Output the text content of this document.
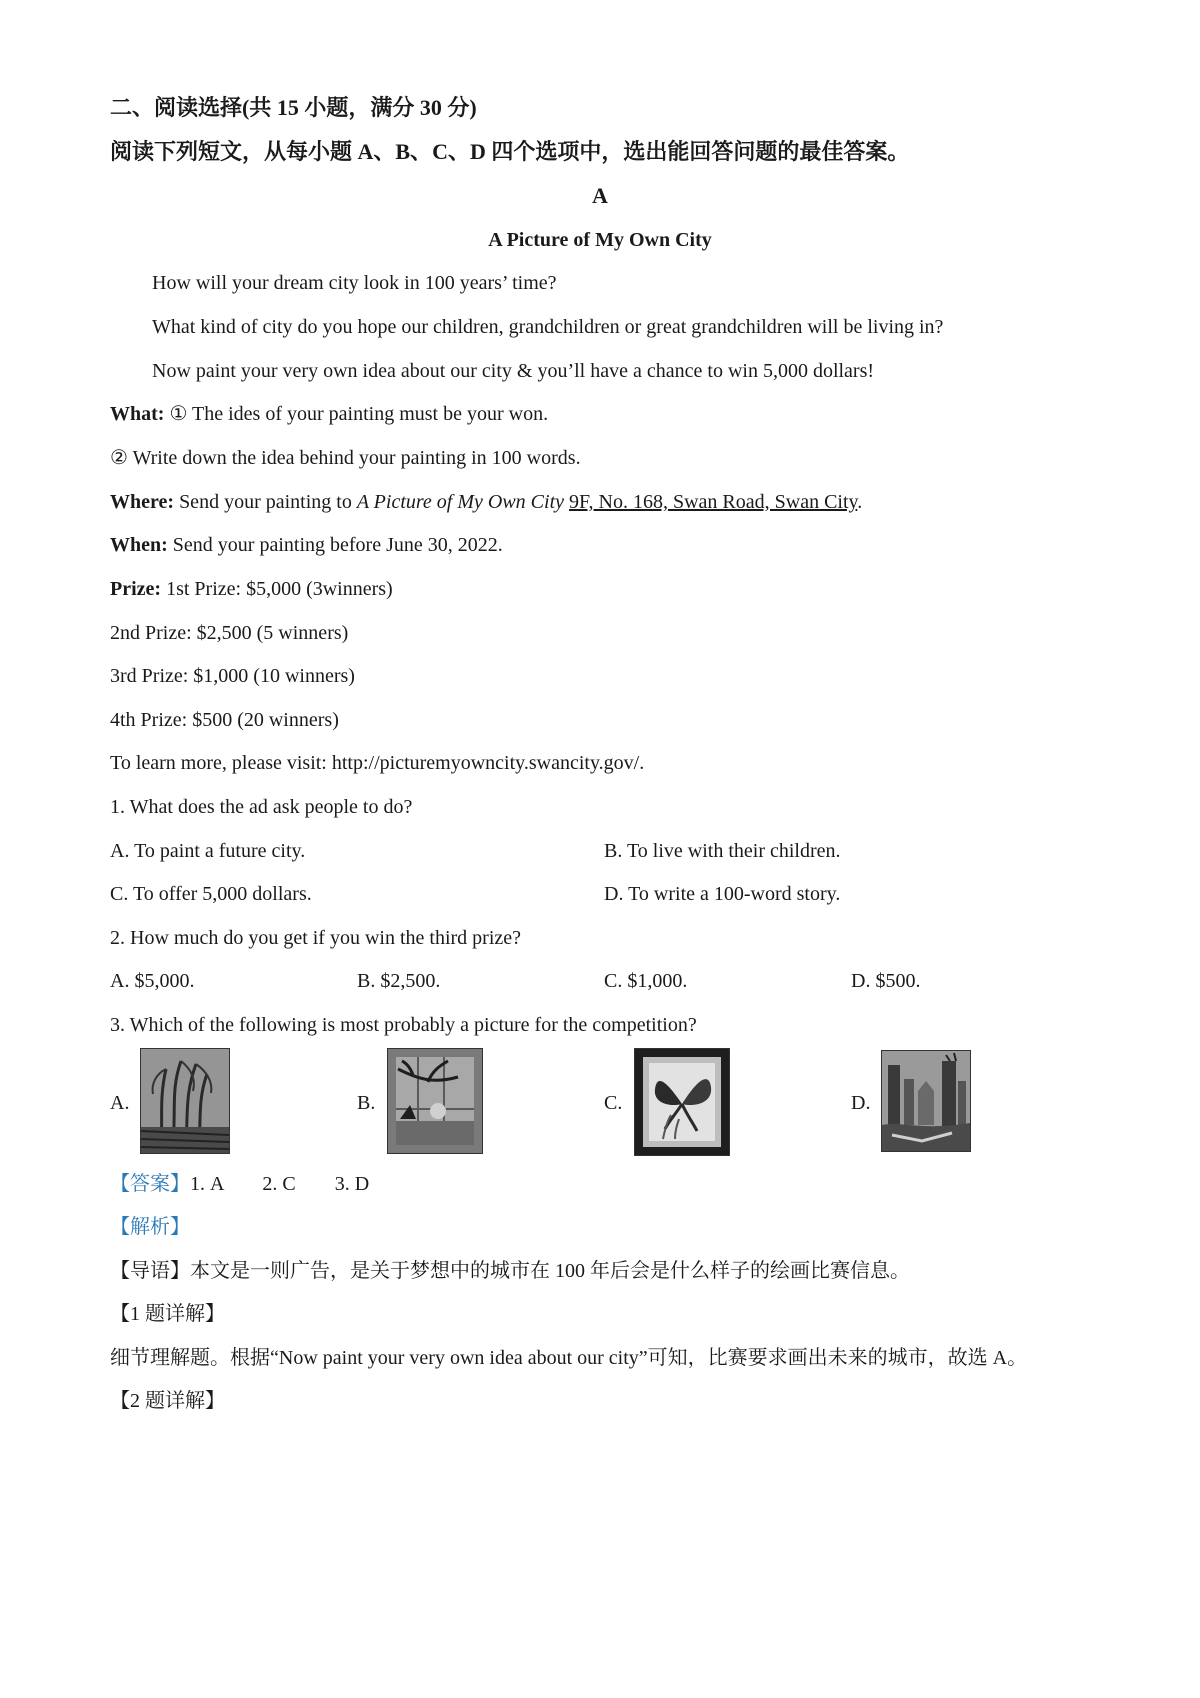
二、阅读选择(共 15 小题，满分 30 分)
阅读下列短文，从每小题 A、B、C、D 四个选项中，选出能回答问题的最佳答案。
A
A Picture of My Own City
How will your dream city look in 100 years’ time?
What kind of city do you hope our children, grandchildren or great grandchildren will be living in?
Now paint your very own idea about our city & you’ll have a chance to win 5,000 dollars!
What: ① The ides of your painting must be your won.
② Write down the idea behind your painting in 100 words.
Where: Send your painting to A Picture of My Own City 9F, No. 168, Swan Road, Swan City.
When: Send your painting before June 30, 2022.
Prize: 1st Prize: $5,000 (3winners)
2nd Prize: $2,500 (5 winners)
3rd Prize: $1,000 (10 winners)
4th Prize: $500 (20 winners)
To learn more, please visit: http://picturemyowncity.swancity.gov/.
1. What does the ad ask people to do?
A. To paint a future city.	B. To live with their children.
C. To offer 5,000 dollars.	D. To write a 100-word story.
2. How much do you get if you win the third prize?
A. $5,000.	B. $2,500.	C. $1,000.	D. $500.
3. Which of the following is most probably a picture for the competition?
A.	B.	C.	D.
【答案】1. A 2. C 3. D
【解析】
【导语】本文是一则广告，是关于梦想中的城市在 100 年后会是什么样子的绘画比赛信息。
【1 题详解】
细节理解题。根据“Now paint your very own idea about our city”可知，比赛要求画出未来的城市，故选 A。
【2 题详解】
